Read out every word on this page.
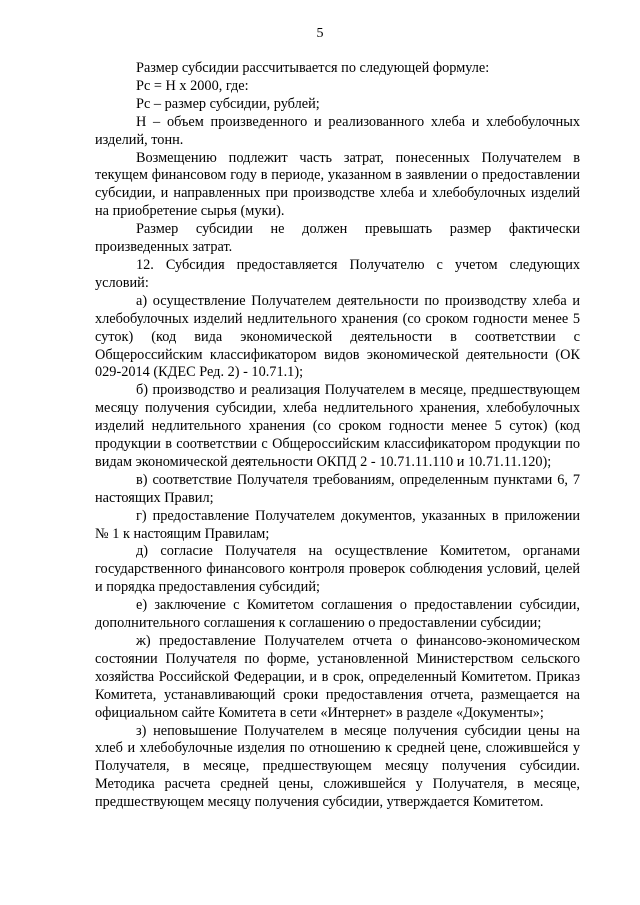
5

Размер субсидии рассчитывается по следующей формуле:

Рс = Н х 2000, где:

Рс – размер субсидии, рублей;

Н – объем произведенного и реализованного хлеба и хлебобулочных изделий, тонн.

Возмещению подлежит часть затрат, понесенных Получателем в текущем финансовом году в периоде, указанном в заявлении о предоставлении субсидии, и направленных при производстве хлеба и хлебобулочных изделий на приобретение сырья (муки).

Размер субсидии не должен превышать размер фактически произведенных затрат.

12. Субсидия предоставляется Получателю с учетом следующих условий:

а) осуществление Получателем деятельности по производству хлеба и хлебобулочных изделий недлительного хранения (со сроком годности менее 5 суток) (код вида экономической деятельности в соответствии с Общероссийским классификатором видов экономической деятельности (ОК 029-2014 (КДЕС Ред. 2) - 10.71.1);

б) производство и реализация Получателем в месяце, предшествующем месяцу получения субсидии, хлеба недлительного хранения, хлебобулочных изделий недлительного хранения (со сроком годности менее 5 суток) (код продукции в соответствии с Общероссийским классификатором продукции по видам экономической деятельности ОКПД 2 - 10.71.11.110 и 10.71.11.120);

в) соответствие Получателя требованиям, определенным пунктами 6, 7 настоящих Правил;

г) предоставление Получателем документов, указанных в приложении № 1 к настоящим Правилам;

д) согласие Получателя на осуществление Комитетом, органами государственного финансового контроля проверок соблюдения условий, целей и порядка предоставления субсидий;

е) заключение с Комитетом соглашения о предоставлении субсидии, дополнительного соглашения к соглашению о предоставлении субсидии;

ж) предоставление Получателем отчета о финансово-экономическом состоянии Получателя по форме, установленной Министерством сельского хозяйства Российской Федерации, и в срок, определенный Комитетом. Приказ Комитета, устанавливающий сроки предоставления отчета, размещается на официальном сайте Комитета в сети «Интернет» в разделе «Документы»;

з) неповышение Получателем в месяце получения субсидии цены на хлеб и хлебобулочные изделия по отношению к средней цене, сложившейся у Получателя, в месяце, предшествующем месяцу получения субсидии. Методика расчета средней цены, сложившейся у Получателя, в месяце, предшествующем месяцу получения субсидии, утверждается Комитетом.
